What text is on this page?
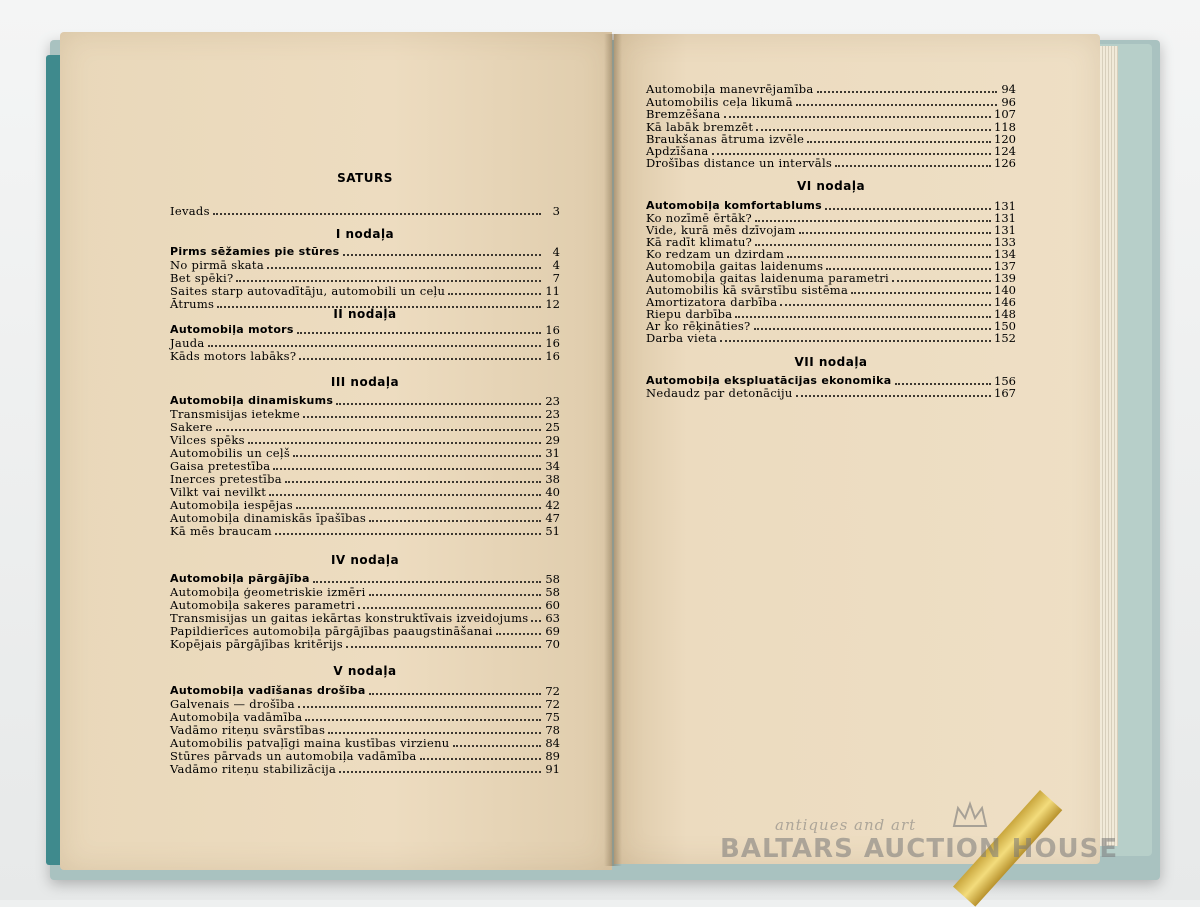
SATURS
Ievads	3
I nodaļa
Pirms sēžamies pie stūres	4
No pirmā skata	4
Bet spēki?	7
Saites starp autovadītāju, automobili un ceļu	11
Ātrums	12
II nodaļa
Automobiļa motors	16
Jauda	16
Kāds motors labāks?	16
III nodaļa
Automobiļa dinamiskums	23
Transmisijas ietekme	23
Sakere	25
Vilces spēks	29
Automobilis un ceļš	31
Gaisa pretestība	34
Inerces pretestība	38
Vilkt vai nevilkt	40
Automobiļa iespējas	42
Automobiļa dinamiskās īpašības	47
Kā mēs braucam	51
IV nodaļa
Automobiļa pārgājība	58
Automobiļa ģeometriskie izmēri	58
Automobiļa sakeres parametri	60
Transmisijas un gaitas iekārtas konstruktīvais izveidojums 63
Papildierīces automobiļa pārgājības paaugstināšanai	69
Kopējais pārgājības kritērijs	70
V nodaļa
Automobiļa vadīšanas drošība	72
Galvenais — drošība	72
Automobiļa vadāmība	75
Vadāmo riteņu svārstības	78
Automobilis patvaļīgi maina kustības virzienu	84
Stūres pārvads un automobiļa vadāmība	89
Vadāmo riteņu stabilizācija	91
Automobiļa manevrējamība	94
Automobilis ceļa likumā	96
Bremzēšana	107
Kā labāk bremzēt	118
Braukšanas ātruma izvēle	120
Apdzīšana	124
Drošības distance un intervāls	126
VI nodaļa
Automobiļa komfortablums	131
Ko nozīmē ērtāk?	131
Vide, kurā mēs dzīvojam	131
Kā radīt klimatu?	133
Ko redzam un dzirdam	134
Automobiļa gaitas laidenums	137
Automobiļa gaitas laidenuma parametri	139
Automobilis kā svārstību sistēma	140
Amortizatora darbība	146
Riepu darbība	148
Ar ko rēķināties?	150
Darba vieta	152
VII nodaļa
Automobiļa ekspluatācijas ekonomika	156
Nedaudz par detonāciju	167
antiques and art
BALTARS AUCTION HOUSE
